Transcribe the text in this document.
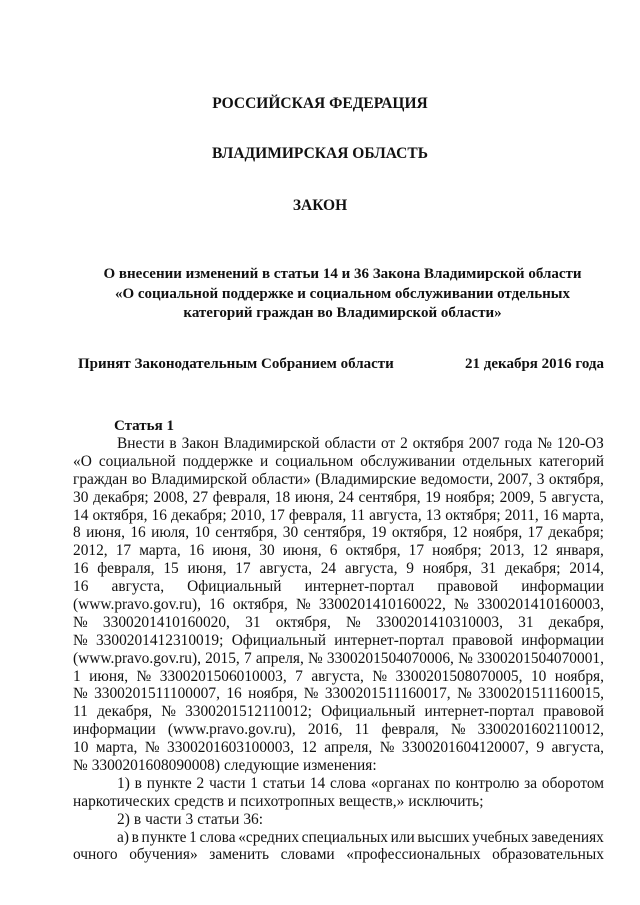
РОССИЙСКАЯ ФЕДЕРАЦИЯ
ВЛАДИМИРСКАЯ ОБЛАСТЬ
ЗАКОН
О внесении изменений в статьи 14 и 36 Закона Владимирской области
«О социальной поддержке и социальном обслуживании отдельных
категорий граждан во Владимирской области»
Принят Законодательным Собранием области	21 декабря 2016 года
Статья 1
Внести в Закон Владимирской области от 2 октября 2007 года № 120-ОЗ
«О социальной поддержке и социальном обслуживании отдельных категорий
граждан во Владимирской области» (Владимирские ведомости, 2007, 3 октября,
30 декабря; 2008, 27 февраля, 18 июня, 24 сентября, 19 ноября; 2009, 5 августа,
14 октября, 16 декабря; 2010, 17 февраля, 11 августа, 13 октября; 2011, 16 марта,
8 июня, 16 июля, 10 сентября, 30 сентября, 19 октября, 12 ноября, 17 декабря;
2012, 17 марта, 16 июня, 30 июня, 6 октября, 17 ноября; 2013, 12 января,
16 февраля, 15 июня, 17 августа, 24 августа, 9 ноября, 31 декабря; 2014,
16 августа, Официальный интернет-портал правовой информации
(www.pravo.gov.ru), 16 октября, № 3300201410160022, № 3300201410160003,
№ 3300201410160020, 31 октября, № 3300201410310003, 31 декабря,
№ 3300201412310019; Официальный интернет-портал правовой информации
(www.pravo.gov.ru), 2015, 7 апреля, № 3300201504070006, № 3300201504070001,
1 июня, № 3300201506010003, 7 августа, № 3300201508070005, 10 ноября,
№ 3300201511100007, 16 ноября, № 3300201511160017, № 3300201511160015,
11 декабря, № 3300201512110012; Официальный интернет-портал правовой
информации (www.pravo.gov.ru), 2016, 11 февраля, № 3300201602110012,
10 марта, № 3300201603100003, 12 апреля, № 3300201604120007, 9 августа,
№ 3300201608090008) следующие изменения:
1) в пункте 2 части 1 статьи 14 слова «органах по контролю за оборотом
наркотических средств и психотропных веществ,» исключить;
2) в части 3 статьи 36:
а) в пункте 1 слова «средних специальных или высших учебных заведениях
очного обучения» заменить словами «профессиональных образовательных
